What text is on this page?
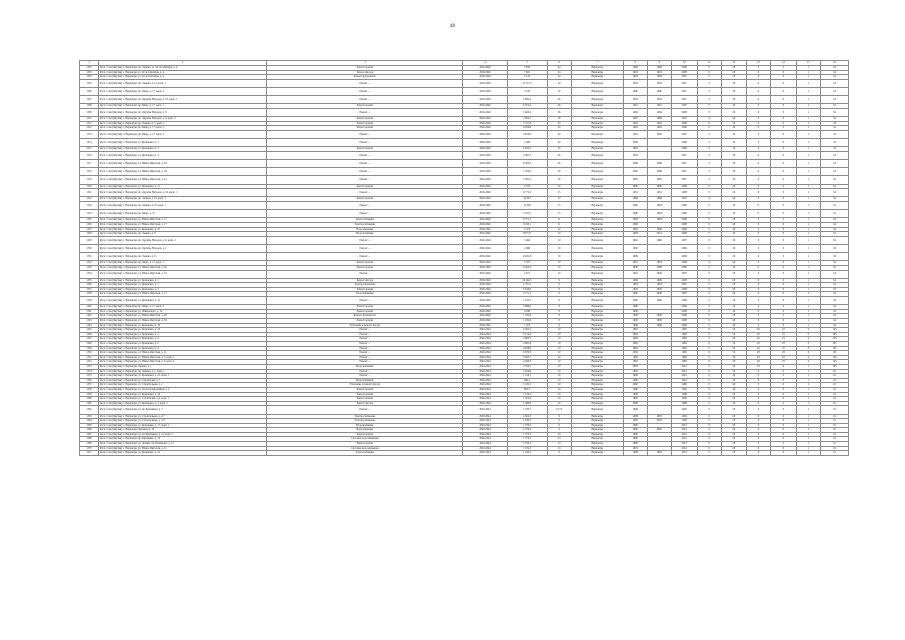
48
1	2	3	4	5	6	7	8	9	10	11	12	13	14	15	16
1502	Респ. Саха (Якутия), г. Нерюнгри, пр. Ленина, ул. 40 лет Октября, д. 4	Ремонт кровли	2026-2040	3 950	24	Нерюнгри	1986	1986	2008	0	20	0	0	1	34
1503	Респ. Саха (Якутия), г. Нерюнгри, ул. 40 лет Октября, д. 4	Ремонт фасада	2026-2040	7 821	24	Нерюнгри	1991	1991	2008	0	20	0	0	1	34
1504	Респ. Саха (Якутия), г. Нерюнгри, ул. 40 лет Октября, д. 4	Ремонт фундамента	2026-2040	3 176	24	Нерюнгри	1992	1994	2007	0	20	0	0	1	34
1505	Респ. Саха (Якутия), г. Нерюнгри, пр. Ленина, д. 21, корп. 1	Ремонт ...	2026-2040	27 177,3	24	Нерюнгри	1993	1993	2007	0	20	0	0	1	34
1506	Респ. Саха (Якутия), г. Нерюнгри, пр. Мира, д. 17, корп. 2	Ремонт ...	2026-2040	3 576	22	Нерюнгри	1986	1986	2007	0	20	0	0	1	34
1507	Респ. Саха (Якутия), г. Нерюнгри, пр. Дружбы Народов, д. 16, корп. 2	Ремонт ...	2026-2040	9 692,4	26	Нерюнгри	1993	1993	2007	0	20	0	0	1	34
1508	Респ. Саха (Якутия), г. Нерюнгри, пр. Мира, д. 17, корп. 1	Ремонт кровли	2026-2040	6 472,4	26	Нерюнгри	1991	1991	2007	0	20	0	0	1	34
1509	Респ. Саха (Якутия), г. Нерюнгри, пр. Дружбы Народов, д. 6	Ремонт ...	2026-2040	7 463,4	26	Нерюнгри	1992	1994	2006	0	20	0	0	1	34
1510	Респ. Саха (Якутия), г. Нерюнгри, пр. Дружбы Народов, д. 8, корп. 2	Ремонт кровли	2026-2040	2 850,2	26	Нерюнгри	1987	1998	2007	0	20	0	0	1	34
1511	Респ. Саха (Якутия), г. Нерюнгри, пр. Ленина, д. 5, корп. 1	Ремонт кровли	2026-2040	7 317,8	20	Нерюнгри	1993	1993	2006	0	20	0	0	1	34
1512	Респ. Саха (Якутия), г. Нерюнгри, пр. Мира, д. 17, корп. 2	Ремонт кровли	2026-2040	9 656,8	20	Нерюнгри	1993	1993	2006	0	20	0	0	1	34
1513	Респ. Саха (Якутия), г. Нерюнгри, пр. Мира, д. 17, корп. 2	Ремонт ...	2026-2040	9 656,8	20	Нерюнгри	1991	1995	2007	0	20	0	0	1	34
1514	Респ. Саха (Якутия), г. Нерюнгри, ул. Кравченко, д. 1	Ремонт ...	2026-2040	5 566	20	Нерюнгри	1986		2006	0	20	0	0	1	34
1515	Респ. Саха (Якутия), г. Нерюнгри, ул. Кравченко, д. 3	Ремонт кровли	2026-2040	6 623,2	20	Нерюнгри	1993		2006	0	20	0	0	1	34
1516	Респ. Саха (Якутия), г. Нерюнгри, ул. Кравченко, д. 3	Ремонт ...	2026-2040	2 867,5	26	Нерюнгри	1993		2007	0	20	0	0	1	34
1517	Респ. Саха (Якутия), г. Нерюнгри, ул. Южно-Якутская, д. 26	Ремонт ...	2026-2040	6 502,5	26	Нерюнгри	1996	1996	2007	0	20	0	0	1	34
1518	Респ. Саха (Якутия), г. Нерюнгри, ул. Южно-Якутская, д. 32	Ремонт ...	2026-2040	7 350,5	20	Нерюнгри	1992	1996	2007	0	20	0	0	1	34
1519	Респ. Саха (Якутия), г. Нерюнгри, ул. Южно-Якутская, д. 41	Ремонт ...	2026-2040	3 491,5	20	Нерюнгри	1985	1985	2007	0	20	0	0	1	34
1520	Респ. Саха (Якутия), г. Нерюнгри, ул. Кравченко, д. 17	Ремонт кровли	2026-2040	4 576	20	Нерюнгри	1990	1990	2008	0	20	0	0	1	34
1521	Респ. Саха (Якутия), г. Нерюнгри, пр. Дружбы Народов, д. 16, корп. 1	Ремонт ...	2026-2040	6 771,4	15	Нерюнгри	1991	1991	2008	0	20	0	0	1	34
1522	Респ. Саха (Якутия), г. Нерюнгри, пр. Ленина, д. 25, корп. 1	Ремонт кровли	2026-2040	12 007	12	Нерюнгри	1986	1986	2007	0	20	0	0	1	34
1523	Респ. Саха (Якутия), г. Нерюнгри, пр. Ленина, д. 25, корп. 1	Ремонт ...	2026-2040	12 336	15	Нерюнгри	1992	1993	2008	0	20	0	0	1	34
1524	Респ. Саха (Якутия), г. Нерюнгри, пр. Мира, д. 37	Ремонт ...	2026-2040	5 192,1	15	Нерюнгри	1986	1993	2008	0	20	0	0	1	34
1525	Респ. Саха (Якутия), г. Нерюнгри, ул. Южно-Якутская, д. 17	Теплоснабжение	2026-2040	8 771,1	11	Нерюнгри	1993	1993	2008	0	20	0	0	1	34
1526	Респ. Саха (Якутия), г. Нерюнгри, ул. Южно-Якутская, д. 17	Электроснабжение	2026-2040	8 190,1	11	Нерюнгри	1996		2008	0	20	0	0	1	34
1527	Респ. Саха (Якутия), г. Нерюнгри, ул. Кравченко, д. 27	Водоотведение	2026-2040	2 374	10	Нерюнгри	1984	1996	2008	0	20	0	0	1	34
1528	Респ. Саха (Якутия), г. Нерюнгри, пр. Ленина, д. 9	Водоснабжение	2026-2040	6577,9	10	Нерюнгри	1983	2014	2008	0	20	0	0	1	34
1529	Респ. Саха (Якутия), г. Нерюнгри, пр. Дружбы Народов, д. 6, корп. 2	Ремонт ...	2026-2040	5 464	10	Нерюнгри	1992	1996	2007	0	20	0	0	1	34
1530	Респ. Саха (Якутия), г. Нерюнгри, пр. Дружбы Народов, д. 1	Ремонт ...	2026-2040	2 466	10	Нерюнгри	1990		2006	0	20	0	0	1	34
1531	Респ. Саха (Якутия), г. Нерюнгри, пр. Ленина, д. 6	Ремонт ...	2026-2040	10252,8	10	Нерюнгри	1989		2006	0	20	0	0	1	34
1532	Респ. Саха (Якутия), г. Нерюнгри, пр. Мира, д. 17, корп. 1	Ремонт кровли	2026-2040	5 375	10	Нерюнгри	1991	1993	2006	0	20	0	0	1	34
1533	Респ. Саха (Якутия), г. Нерюнгри, ул. Южно-Якутская, д. 26	Ремонт кровли	2026-2040	6 423,4	10	Нерюнгри	1990	1996	2006	0	20	0	0	1	34
1534	Респ. Саха (Якутия), г. Нерюнгри, ул. Южно-Якутская, д. 34	Ремонт ...	2026-2040	3 271	10	Нерюнгри	1991	2006	2007	0	20	0	0	1	34
1535	Респ. Саха (Якутия), г. Нерюнгри, ул. Кравченко, д. 1	Ремонт фасада	2026-2040	29 162,5	9	Нерюнгри	1990	1990	2008	0	20	0	0	1	34
1536	Респ. Саха (Якутия), г. Нерюнгри, ул. Кравченко, д. 1	Электроснабжение	2026-2040	1 761,2	9	Нерюнгри	1994	1993	2007	0	20	0	0	1	34
1537	Респ. Саха (Якутия), г. Нерюнгри, ул. Кравченко, д. 3	Ремонт кровли	2026-2040	5 610,8	9	Нерюнгри	1993	1995	2008	0	20	0	0	1	34
1538	Респ. Саха (Якутия), г. Нерюнгри, ул. Южно-Якутская, д. 13	Водоснабжение	2026-2040	4 771,1	8	Нерюнгри	1990	2006	2007	0	20	0	0	1	34
1539	Респ. Саха (Якутия), г. Нерюнгри, ул. Кравченко, д. 41	Ремонт ...	2026-2040	1 182,5	8	Нерюнгри	1990	2006	2008	0	20	0	0	1	34
1540	Респ. Саха (Якутия), г. Нерюнгри, пр. Мира, д. 17, корп. 2	Ремонт кровли	2026-2040	3 896,6	8	Нерюнгри	1986		2008	0	20	0	0	1	34
1541	Респ. Саха (Якутия), г. Нерюнгри, ул. Чайковского, д. 12	Ремонт кровли	2026-2040	4 938	8	Нерюнгри	1986		2008	0	20	0	0	1	34
1542	Респ. Саха (Якутия), г. Нерюнгри, ул. Южно-Якутская, д. 28	Ремонт фундамента	2026-2040	1 182,6	8	Нерюнгри	1990	2006	2008	0	20	0	0	1	34
1543	Респ. Саха (Якутия), г. Нерюнгри, ул. Южно-Якутская, д. 34	Ремонт кровли	2026-2040	1 182,6	8	Нерюнгри	1990	2006	2008	0	20	0	0	1	34
1544	Респ. Саха (Якутия), г. Нерюнгри, ул. Кравченко, д. 34	Утепление и ремонт фасада	2026-2040	1 374	8	Нерюнгри	1986	2006	2008	0	20	0	0	1	34
1545	Респ. Саха (Якутия), г. Нерюнгри, ул. Кравченко, д. 10	Ремонт ...	2040-2044	4 452,5	10	Нерюнгри	1982		1992	0	50	20	23	0	105
1546	Респ. Саха (Якутия), г. Нерюнгри, ул. Кравченко, д. 2	Ремонт ...	2040-2044	3 174,4	10	Нерюнгри	1982		1982	0	50	20	23	0	105
1547	Респ. Саха (Якутия), г. Нерюнгри, ул. Кравченко, д. 4	Ремонт ...	2040-2044	4 665,5	10	Нерюнгри	1983		1983	0	50	20	23	0	105
1548	Респ. Саха (Якутия), г. Нерюнгри, ул. Кравченко, д. 6	Ремонт ...	2040-2044	4 665,4	10	Нерюнгри	1982		1982	0	50	20	23	0	105
1549	Респ. Саха (Якутия), г. Нерюнгри, ул. Кравченко, д. 8	Ремонт ...	2040-2044	4 658,8	10	Нерюнгри	1982		1982	0	50	20	23	0	105
1550	Респ. Саха (Якутия), г. Нерюнгри, ул. Южно-Якутская, д. 11	Ремонт ...	2040-2044	6 679,3	10	Нерюнгри	1982		1982	0	50	20	23	0	105
1551	Респ. Саха (Якутия), г. Нерюнгри, ул. Южно-Якутская, д. 3, корп. 1	Ремонт ...	2040-2044	5 695,7	10	Нерюнгри	1982		1982	0	50	20	23	0	105
1552	Респ. Саха (Якутия), г. Нерюнгри, ул. Южно-Якутская, д. 3, корп. 2	Ремонт ...	2040-2044	4 950,3	10	Нерюнгри	1982		1982	0	50	20	23	0	105
1553	Респ. Саха (Якутия), г. Нерюнгри, Ленина, д. 1	Водоснабжение	2040-2044	2 356,7	10	Нерюнгри	1983		2012	0	20	23	0	1	105
1554	Респ. Саха (Якутия), г. Нерюнгри, пр. Ленина, д. 1, корп. 1	Ремонт ...	2040-2044	2 916,8	10	Нерюнгри	1982		2012	0	20	0	0	1	22
1555	Респ. Саха (Якутия), г. Нерюнгри, ул. Кравченко, д. 21, корп. 1	Ремонт ...	2040-2044	1 126,1	10	Нерюнгри	1988		2012	0	20	0	0	1	22
1556	Респ. Саха (Якутия), г. Нерюнгри, ул. Строителей, д. 1	Водоснабжение	2040-2044	482,1	10	Нерюнгри	1980		2012	0	20	0	0	1	22
1557	Респ. Саха (Якутия), г. Нерюнгри, ул. Строительная, д. 2	Утепление и ремонт фасада	2040-2044	1 182,1	10	Нерюнгри	1990		1990	0	20	0	0	1	22
1558	Респ. Саха (Якутия), г. Нерюнгри, ул. Геологоразведчиков, д. 2	Ремонт кровли	2040-2044	862,7	10	Нерюнгри	1990		1992	0	20	0	0	1	22
1559	Респ. Саха (Якутия), г. Нерюнгри, ул. Кравченко, д. 34	Ремонт кровли	2040-2044	1 134,4	10	Нерюнгри	1988		1988	0	20	0	0	1	22
1560	Респ. Саха (Якутия), г. Нерюнгри, ул. Строителей, д. 2, корп. 1	Ремонт кровли	2040-2044	1 552,8	10	Нерюнгри	1982		1982	0	20	0	0	1	22
1561	Респ. Саха (Якутия), г. Нерюнгри, ул. Кравченко, д. 5, корп. 2	Ремонт фасада	2040-2044	1 380,8	10	Нерюнгри	1988		1988	0	20	0	0	1	22
1562	Респ. Саха (Якутия), г. Нерюнгри, ул. пр. Кравченко, д. 7	Ремонт ...	2040-2044	1 783,7	10,72	Нерюнгри	1990		2002	0	20	0	0	1	22
1563	Респ. Саха (Якутия), г. Нерюнгри, ул. Строительная, д. 2/7	Электроснабжение	2040-2044	4 504,5	9	Нерюнгри	1988	1993	1993	0	20	0	0	1	22
1564	Респ. Саха (Якутия), г. Нерюнгри, ул. Строительная, д. 1/8	Электроснабжение	2040-2044	2 530,5	9	Нерюнгри	1985	2005	1993	0	20	0	0	1	22
1565	Респ. Саха (Якутия), г. Нерюнгри, ул. Кравченко, д. 17, корп. 1	Водоснабжение	2040-2044	1 576,3	8	Нерюнгри	1990		2012	0	20	0	0	1	22
1566	Респ. Саха (Якутия), г. Нерюнгри, Чульман, д. 10	Водоотведение	2040-2044	1 576,3	8	Нерюнгри	1990	2002	2012	0	20	0	0	1	22
1567	Респ. Саха (Якутия), г. Нерюнгри, ул. пл. Кравченко, д. 21, корп. 1	Ремонт кровли	2040-2044	1 574,5	10	Нерюнгри	1990		2012	0	20	0	0	1	22
1568	Респ. Саха (Якутия), г. Нерюнгри, пр. Кравченко, д. 12	Системы водоснабжения	2040-2044	1 574,5	1,5	Нерюнгри	1990		2012	0	20	0	0	1	22
1569	Респ. Саха (Якутия), г. Нерюнгри, ул. Ленина, пр. Кравченко, д. 12	Ремонт кровли	2040-2044	3 758,1	1,5	Нерюнгри	1980		2012	0	20	0	0	1	22
1570	Респ. Саха (Якутия), г. Нерюнгри, ул. Южно-Якутская, д. 11	Системы водоснабжения	2040-2044	1 182,3	1,5	Нерюнгри	1981		2012	0	20	0	0	1	22
1571	Респ. Саха (Якутия), г. Нерюнгри, ул. Кравченко, д. 12	Теплоснабжение	2040-2044	1 190,5	8	Нерюнгри	1989	1993	2012	0	20	0	0	1	22
